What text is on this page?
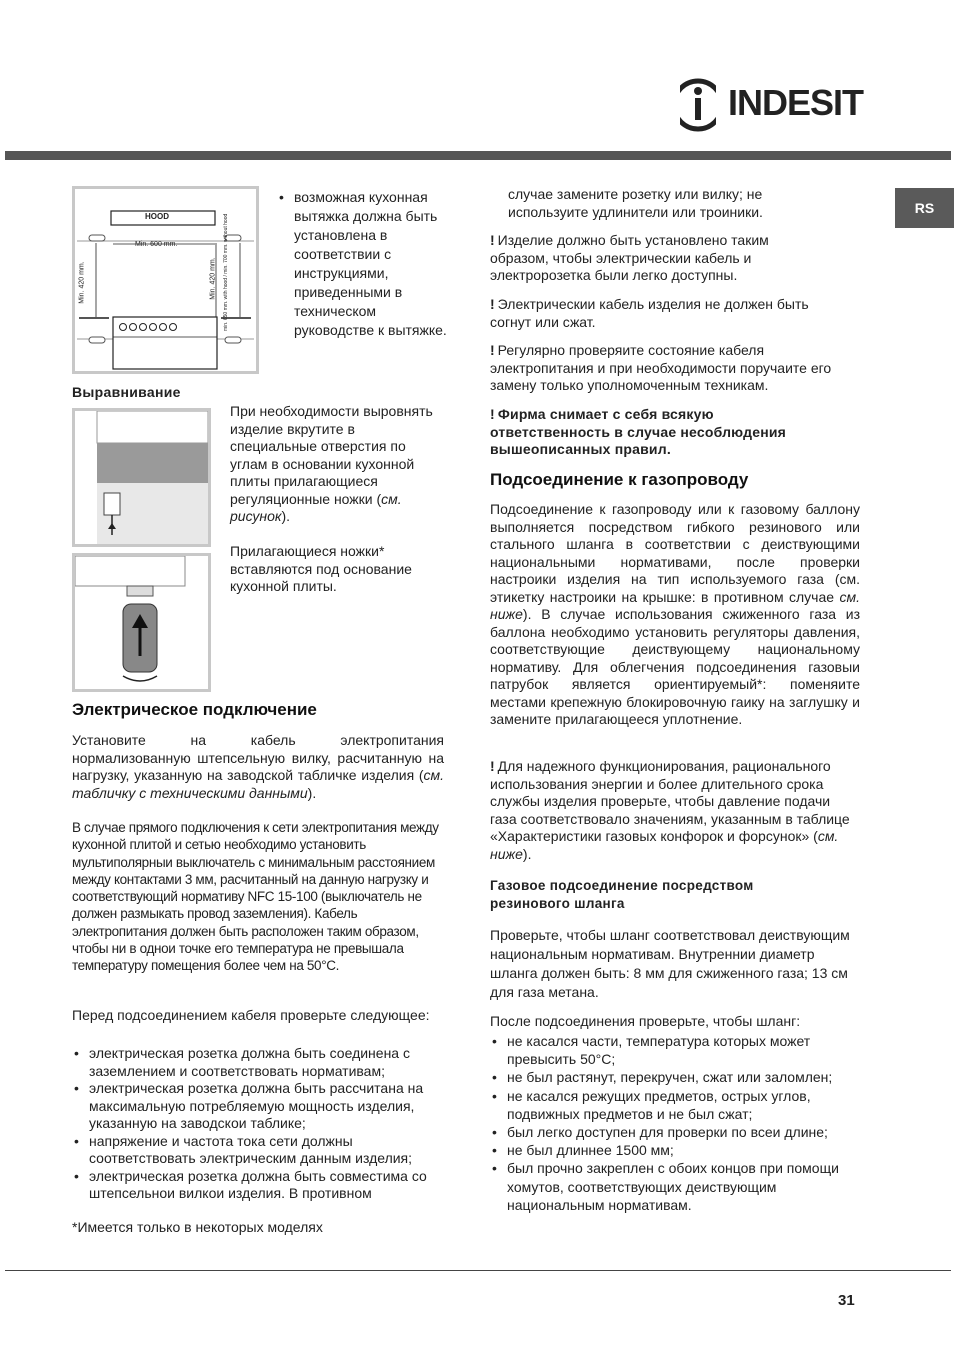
INDESIT
RS
HOOD
Min. 600 mm.
Min. 420 mm.	Min. 420 mm. min. 650 mm. with hood / min. 700 mm. without hood
• возможная кухонная вытяжка должна быть установлена в соответствии с инструкциями, приведенными в техническом руководстве к вытяжке.
Выравнивание

При необходимости выровнять изделие вкрутите в специальные отверстия по углам в основании кухонной плиты прилагающиеся регуляционные ножки (см. рисунок).

Прилагающиеся ножки* вставляются под основание кухонной плиты.

Электрическое подключение

Установите на кабель электропитания нормализованную штепсельную вилку, расчитанную на нагрузку, указанную на заводской табличке изделия (см. табличку с техническими данными).

В случае прямого подключения к сети электропитания между кухонной плитой и сетью необходимо установить мультиполярныи выключатель с минимальным расстоянием между контактами 3 мм, расчитанный на данную нагрузку и соответствующий нормативу NFC 15-100 (выключатель не должен размыкать провод заземления). Кабель электропитания должен быть расположен таким образом, чтобы ни в однои точке его температура не превышала температуру помещения более чем на 50°C.

Перед подсоединением кабеля проверьте следующее:

• электрическая розетка должна быть соединена с заземлением и соответствовать нормативам;
• электрическая розетка должна быть рассчитана на максимальную потребляемую мощность изделия, указанную на заводскои таблике;
• напряжение и частота тока сети должны соответствовать электрическим данным изделия;
• электрическая розетка должна быть совместима со штепсельнои вилкои изделия. В противном

*Имеется только в некоторых моделях

случае замените розетку или вилку; не используите удлинители или троиники.

! Изделие должно быть установлено таким образом, чтобы электрическии кабель и электророзетка были легко доступны.

! Электрическии кабель изделия не должен быть согнут или сжат.

! Регулярно проверяите состояние кабеля электропитания и при необходимости поручаите его замену только уполномоченным техникам.

! Фирма снимает с себя всякую ответственность в случае несоблюдения вышеописанных правил.

Подсоединение к газопроводу

Подсоединение к газопроводу или к газовому баллону выполняется посредством гибкого резинового или стального шланга в соответствии с деиствующими национальными нормативами, после проверки настроики изделия на тип используемого газа (см. этикетку настроики на крышке: в противном случае см. ниже). В случае использования сжиженного газа из баллона необходимо установить регуляторы давления, соответствующие деиствующему национальному нормативу. Для облегчения подсоединения газовыи патрубок является ориентируемый*: поменяите местами крепежную блокировочную гаику на заглушку и замените прилагающееся уплотнение.

! Для надежного функционирования, рационального использования энергии и более длительного срока службы изделия проверьте, чтобы давление подачи газа соответствовало значениям, указанным в таблице «Характеристики газовых конфорок и форсунок» (см. ниже).

Газовое подсоединение посредством резинового шланга

Проверьте, чтобы шланг соответствовал деиствующим национальным нормативам. Внутреннии диаметр шланга должен быть: 8 мм для сжиженного газа; 13 см для газа метана.

После подсоединения проверьте, чтобы шланг:

• не касался части, температура которых может превысить 50°C;
• не был растянут, перекручен, сжат или заломлен;
• не касался режущих предметов, острых углов, подвижных предметов и не был сжат;
• был легко доступен для проверки по всеи длине;
• не был длиннее 1500 мм;
• был прочно закреплен с обоих концов при помощи хомутов, соответствующих деиствующим национальным нормативам.
31
